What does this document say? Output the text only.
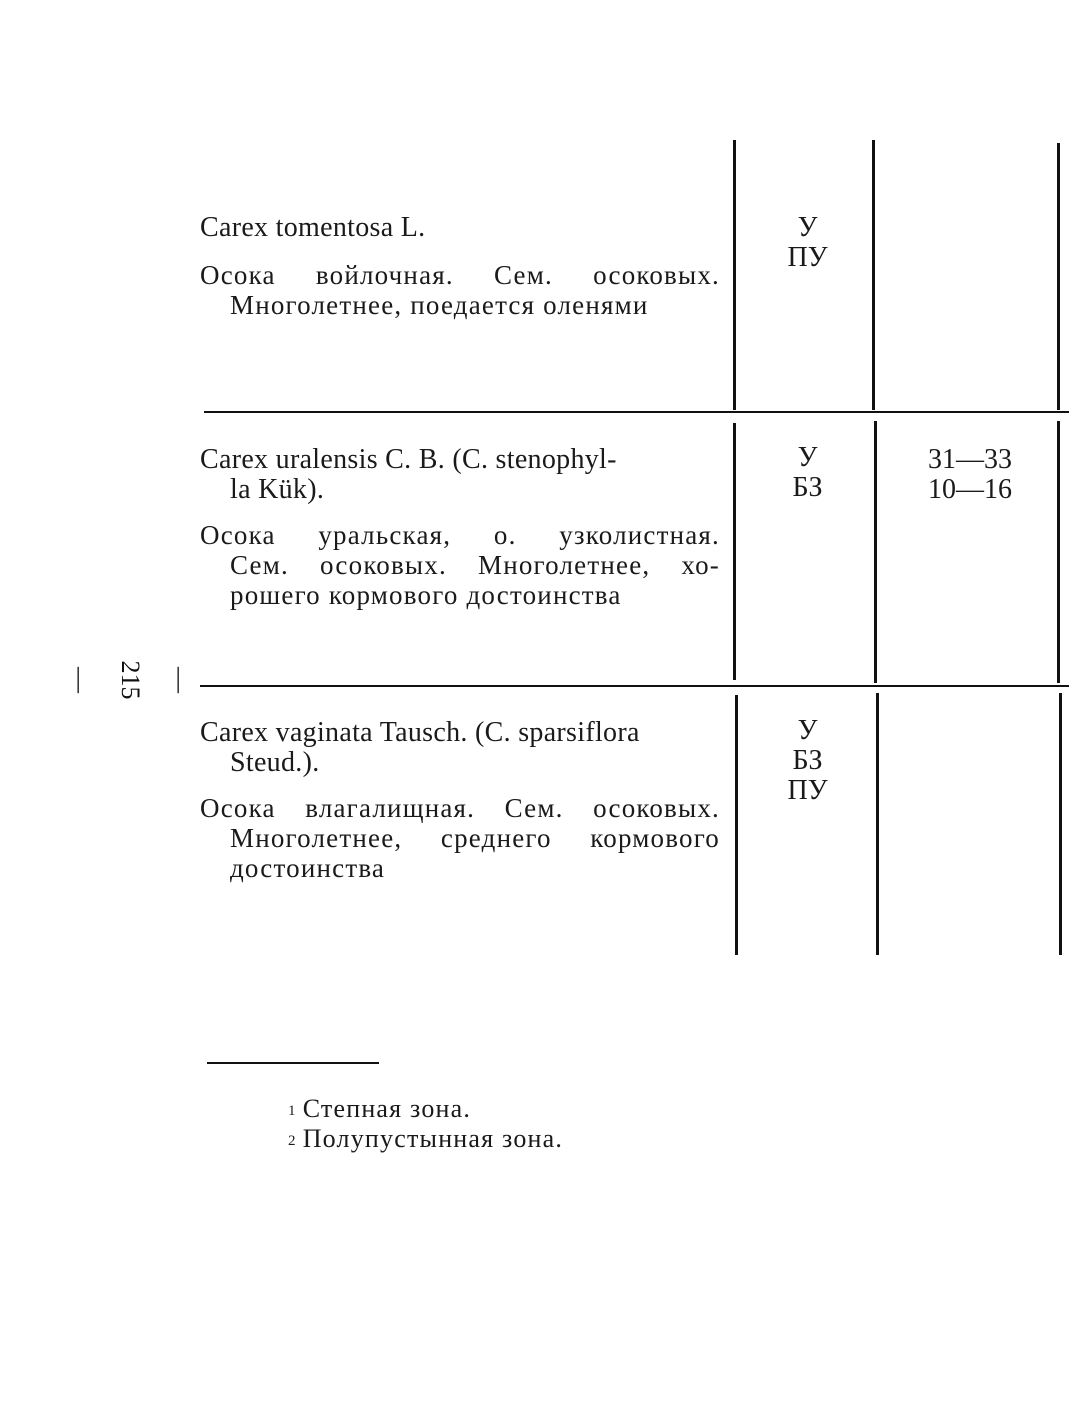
— 215 —
Carex tomentosa L.
Осока войлочная. Сем. осоковых.
Многолетнее, поедается оленями
У
ПУ
Carex uralensis C. B. (C. stenophyl-
la Kük).
Осока уральская, о. узколистная.
Сем. осоковых. Многолетнее, хо-
рошего кормового достоинства
У
БЗ
31—33
10—16
Carex vaginata Tausch. (C. sparsiflora
Steud.).
Осока влагалищная. Сем. осоковых.
Многолетнее, среднего кормового
достоинства
У
БЗ
ПУ
$^1$ Степная зона.
$^2$ Полупустынная зона.
